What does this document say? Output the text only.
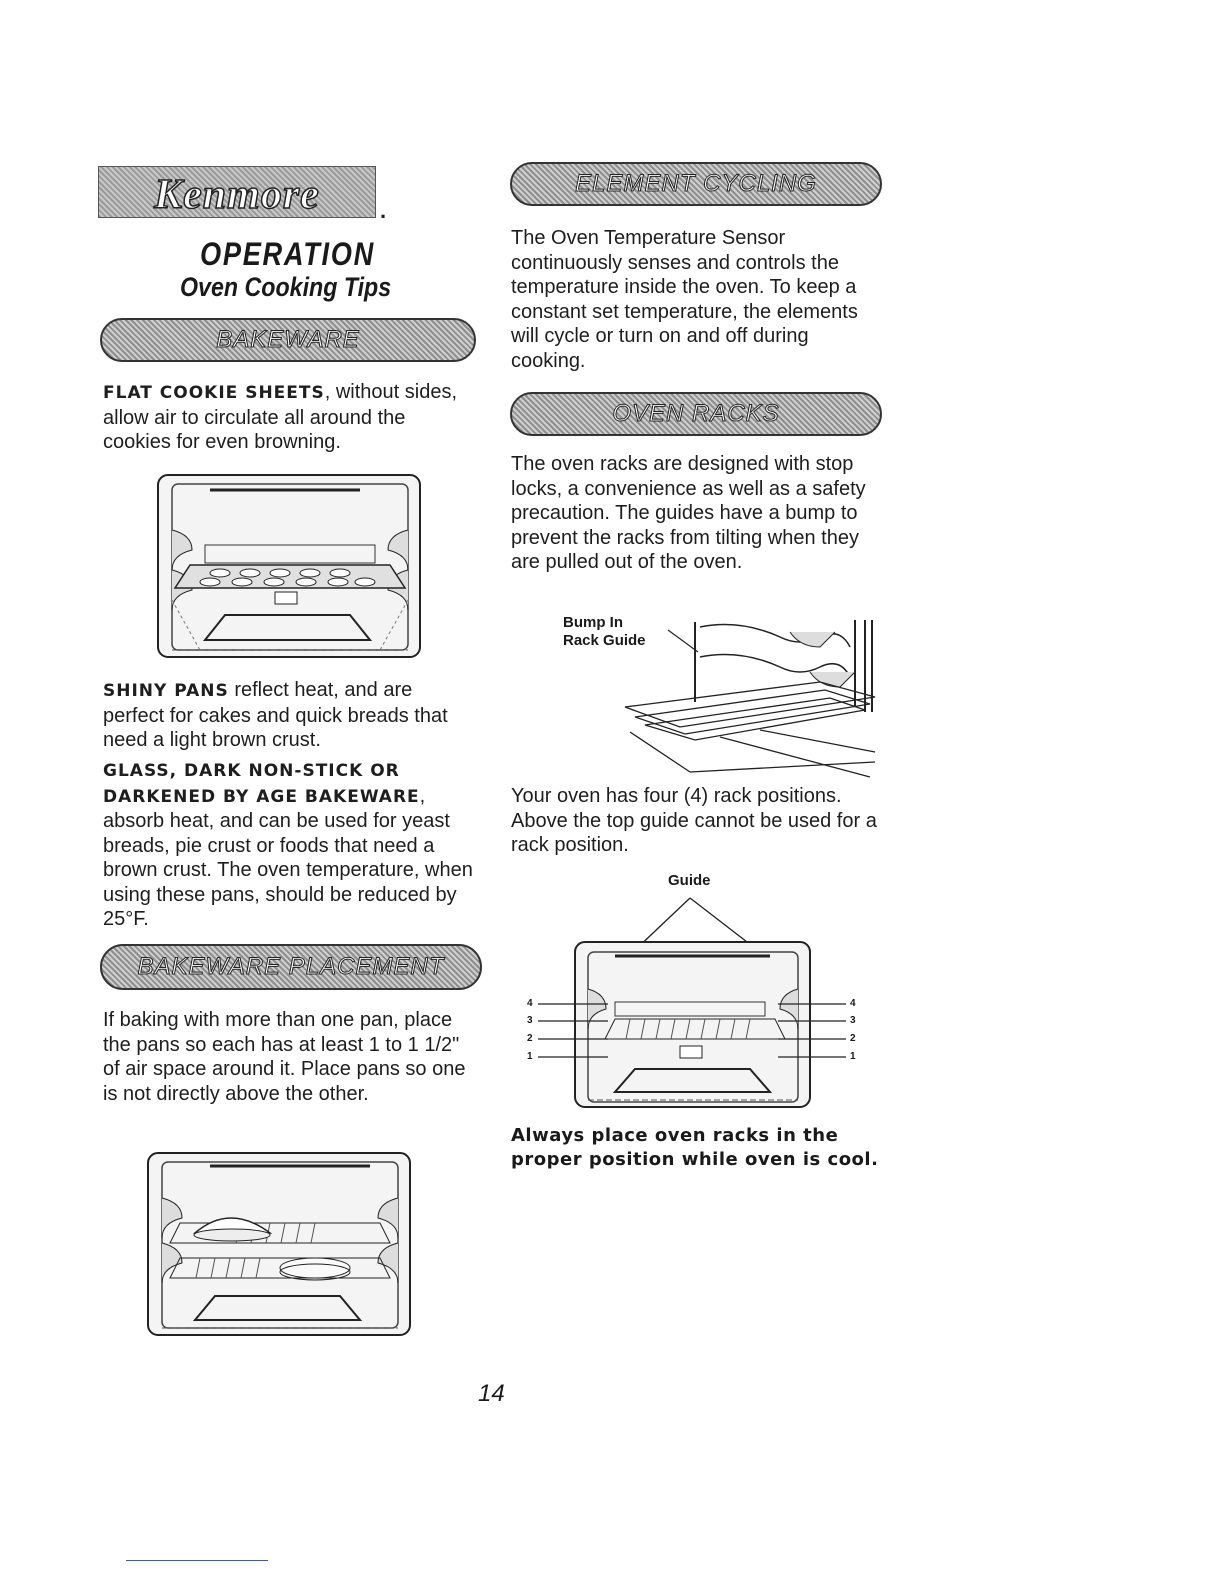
Kenmore	.
OPERATION
Oven Cooking Tips
BAKEWARE
FLAT COOKIE SHEETS, without sides, allow air to circulate all around the cookies for even browning.
SHINY PANS reflect heat, and are perfect for cakes and quick breads that need a light brown crust.
GLASS, DARK NON-STICK OR DARKENED BY AGE BAKEWARE, absorb heat, and can be used for yeast breads, pie crust or foods that need a brown crust. The oven temperature, when using these pans, should be reduced by 25°F.
BAKEWARE PLACEMENT
If baking with more than one pan, place the pans so each has at least 1 to 1 1/2" of air space around it. Place pans so one is not directly above the other.
ELEMENT CYCLING
The Oven Temperature Sensor continuously senses and controls the temperature inside the oven. To keep a constant set temperature, the elements will cycle or turn on and off during cooking.
OVEN RACKS
The oven racks are designed with stop locks, a convenience as well as a safety precaution. The guides have a bump to prevent the racks from tilting when they are pulled out of the oven.
Bump In
Rack Guide
Your oven has four (4) rack positions. Above the top guide cannot be used for a rack position.
Guide
4
3
2
1
4
3
2
1
Always place oven racks in the proper position while oven is cool.
14
